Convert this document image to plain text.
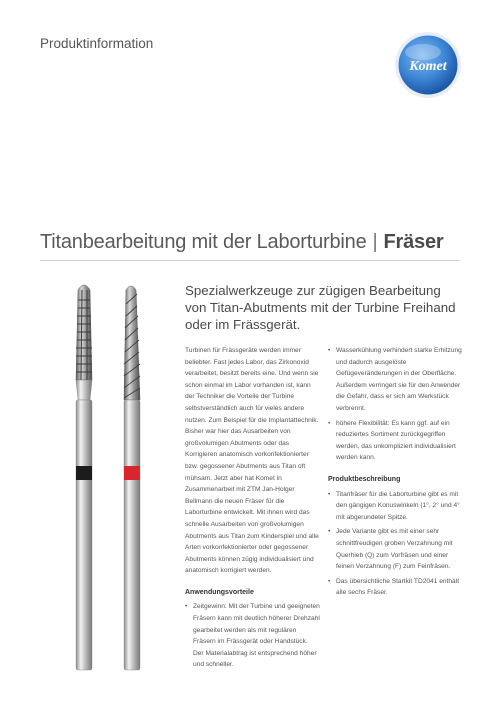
Produktinformation
Komet
Titanbearbeitung mit der Laborturbine | Fräser
Spezialwerkzeuge zur zügigen Bearbeitung von Titan-Abutments mit der Turbine Freihand oder im Frässgerät.

Turbinen für Frässgeräte werden immer beliebter. Fast jedes Labor, das Zirkonoxid verarbeitet, besitzt bereits eine. Und wenn sie schon einmal im Labor vorhanden ist, kann der Techniker die Vorteile der Turbine selbstverständlich auch für vieles andere nutzen. Zum Beispiel für die Implantattechnik. Bisher war hier das Ausarbeiten von großvolumigen Abutments oder das Korrigieren anatomisch vorkonfektionierter bzw. gegossener Abutments aus Titan oft mühsam. Jetzt aber hat Komet in Zusammenarbeit mit ZTM Jan-Holger Bellmann die neuen Fräser für die Laborturbine entwickelt. Mit ihnen wird das schnelle Ausarbeiten von großvolumigen Abutments aus Titan zum Kinderspiel und alle Arten vorkonfektionierter oder gegossener Abutments können zügig individualisiert und anatomisch korrigiert werden.

Anwendungsvorteile
• Zeitgewinn: Mit der Turbine und geeigneten Fräsern kann mit deutlich höherer Drehzahl gearbeitet werden als mit regulären Fräsern im Frässgerät oder Handstück. Der Materialabtrag ist entsprechend höher und schneller.
• Wasserkühlung verhindert starke Erhitzung und dadurch ausgelöste Gefügeveränderungen in der Oberfläche. Außerdem verringert sie für den Anwender die Gefahr, dass er sich am Werkstück verbrennt.
• höhere Flexibilität: Es kann ggf. auf ein reduziertes Sortiment zurückgegriffen werden, das unkompliziert individualisiert werden kann.
Produktbeschreibung
• Titanfräser für die Laborturbine gibt es mit den gängigen Konuswinkeln (1°, 2° und 4° mit abgerundeter Spitze.
• Jede Variante gibt es mit einer sehr schnittfreudigen groben Verzahnung mit Querhieb (Q) zum Vorfräsen und einer feinen Verzahnung (F) zum Feinfräsen.
• Das übersichtliche Startkit TD2041 enthält alle sechs Fräser.
